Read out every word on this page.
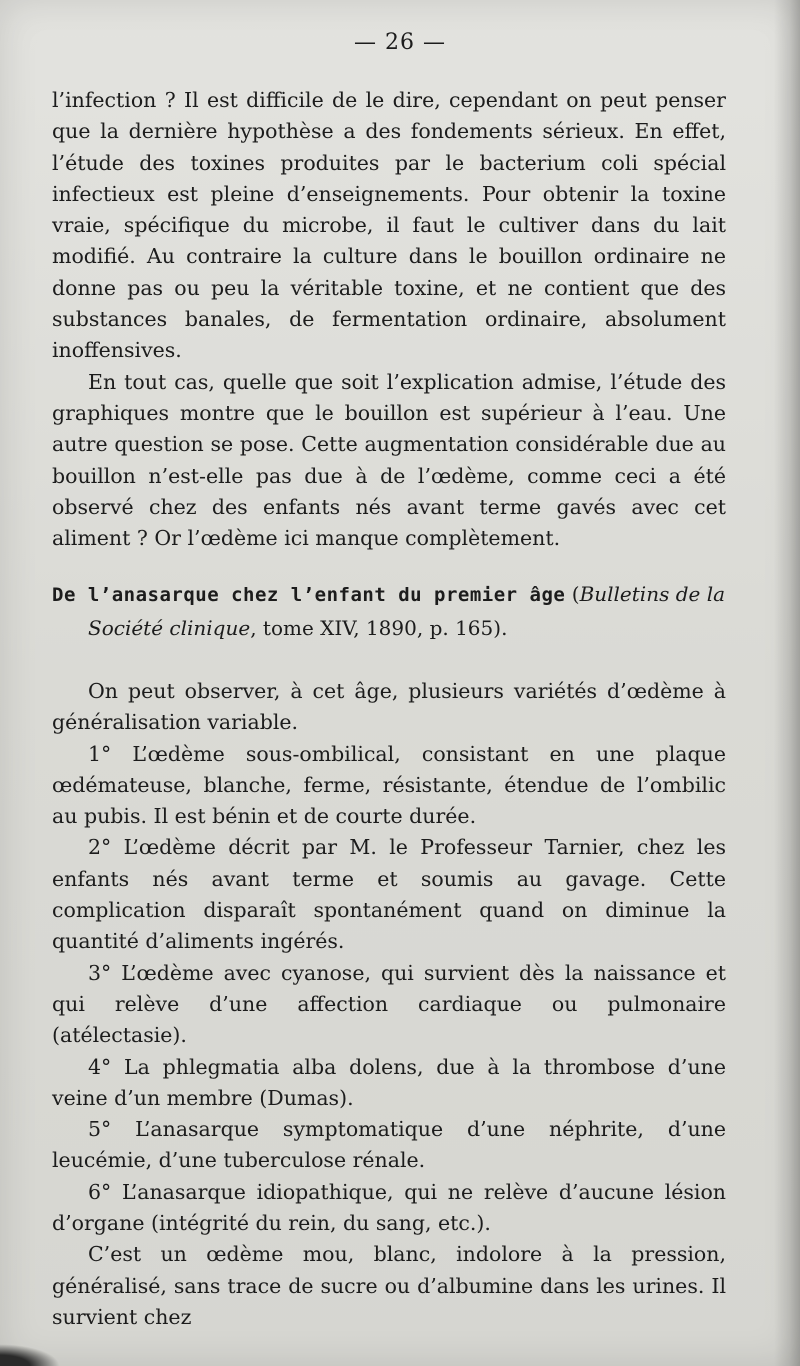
— 26 —

l’infection ? Il est difficile de le dire, cependant on peut penser que la dernière hypothèse a des fondements sérieux. En effet, l’étude des toxines produites par le bacterium coli spécial infectieux est pleine d’enseignements. Pour obtenir la toxine vraie, spécifique du microbe, il faut le cultiver dans du lait modifié. Au contraire la culture dans le bouillon ordinaire ne donne pas ou peu la véritable toxine, et ne contient que des substances banales, de fermentation ordinaire, absolument inoffensives.

En tout cas, quelle que soit l’explication admise, l’étude des graphiques montre que le bouillon est supérieur à l’eau. Une autre question se pose. Cette augmentation considérable due au bouillon n’est-elle pas due à de l’œdème, comme ceci a été observé chez des enfants nés avant terme gavés avec cet aliment ? Or l’œdème ici manque complètement.

De l’anasarque chez l’enfant du premier âge (Bulletins de la Société clinique, tome XIV, 1890, p. 165).

On peut observer, à cet âge, plusieurs variétés d’œdème à généralisation variable.

1° L’œdème sous-ombilical, consistant en une plaque œdémateuse, blanche, ferme, résistante, étendue de l’ombilic au pubis. Il est bénin et de courte durée.

2° L’œdème décrit par M. le Professeur Tarnier, chez les enfants nés avant terme et soumis au gavage. Cette complication disparaît spontanément quand on diminue la quantité d’aliments ingérés.

3° L’œdème avec cyanose, qui survient dès la naissance et qui relève d’une affection cardiaque ou pulmonaire (atélectasie).

4° La phlegmatia alba dolens, due à la thrombose d’une veine d’un membre (Dumas).

5° L’anasarque symptomatique d’une néphrite, d’une leucémie, d’une tuberculose rénale.

6° L’anasarque idiopathique, qui ne relève d’aucune lésion d’organe (intégrité du rein, du sang, etc.).

C’est un œdème mou, blanc, indolore à la pression, généralisé, sans trace de sucre ou d’albumine dans les urines. Il survient chez
